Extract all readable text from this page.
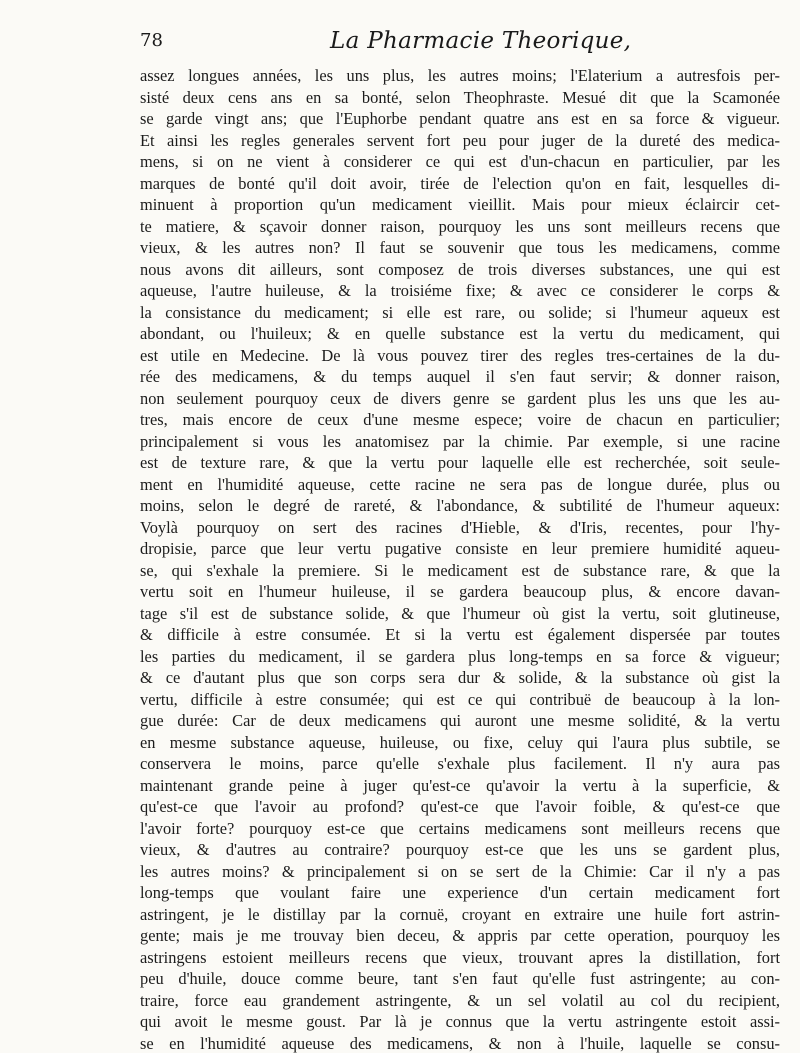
78	La Pharmacie Theorique,
assez longues années, les uns plus, les autres moins; l'Elaterium a autresfois per-
sisté deux cens ans en sa bonté, selon Theophraste. Mesué dit que la Scamonée
se garde vingt ans; que l'Euphorbe pendant quatre ans est en sa force & vigueur.
Et ainsi les regles generales servent fort peu pour juger de la dureté des medica-
mens, si on ne vient à considerer ce qui est d'un-chacun en particulier, par les
marques de bonté qu'il doit avoir, tirée de l'election qu'on en fait, lesquelles di-
minuent à proportion qu'un medicament vieillit. Mais pour mieux éclaircir cet-
te matiere, & sçavoir donner raison, pourquoy les uns sont meilleurs recens que
vieux, & les autres non? Il faut se souvenir que tous les medicamens, comme
nous avons dit ailleurs, sont composez de trois diverses substances, une qui est
aqueuse, l'autre huileuse, & la troisiéme fixe; & avec ce considerer le corps &
la consistance du medicament; si elle est rare, ou solide; si l'humeur aqueux est
abondant, ou l'huileux; & en quelle substance est la vertu du medicament, qui
est utile en Medecine. De là vous pouvez tirer des regles tres-certaines de la du-
rée des medicamens, & du temps auquel il s'en faut servir; & donner raison,
non seulement pourquoy ceux de divers genre se gardent plus les uns que les au-
tres, mais encore de ceux d'une mesme espece; voire de chacun en particulier;
principalement si vous les anatomisez par la chimie. Par exemple, si une racine
est de texture rare, & que la vertu pour laquelle elle est recherchée, soit seule-
ment en l'humidité aqueuse, cette racine ne sera pas de longue durée, plus ou
moins, selon le degré de rareté, & l'abondance, & subtilité de l'humeur aqueux:
Voylà pourquoy on sert des racines d'Hieble, & d'Iris, recentes, pour l'hy-
dropisie, parce que leur vertu pugative consiste en leur premiere humidité aqueu-
se, qui s'exhale la premiere. Si le medicament est de substance rare, & que la
vertu soit en l'humeur huileuse, il se gardera beaucoup plus, & encore davan-
tage s'il est de substance solide, & que l'humeur où gist la vertu, soit glutineuse,
& difficile à estre consumée. Et si la vertu est également dispersée par toutes
les parties du medicament, il se gardera plus long-temps en sa force & vigueur;
& ce d'autant plus que son corps sera dur & solide, & la substance où gist la
vertu, difficile à estre consumée; qui est ce qui contribuë de beaucoup à la lon-
gue durée: Car de deux medicamens qui auront une mesme solidité, & la vertu
en mesme substance aqueuse, huileuse, ou fixe, celuy qui l'aura plus subtile, se
conservera le moins, parce qu'elle s'exhale plus facilement. Il n'y aura pas
maintenant grande peine à juger qu'est-ce qu'avoir la vertu à la superficie, &
qu'est-ce que l'avoir au profond? qu'est-ce que l'avoir foible, & qu'est-ce que
l'avoir forte? pourquoy est-ce que certains medicamens sont meilleurs recens que
vieux, & d'autres au contraire? pourquoy est-ce que les uns se gardent plus,
les autres moins? & principalement si on se sert de la Chimie: Car il n'y a pas
long-temps que voulant faire une experience d'un certain medicament fort
astringent, je le distillay par la cornuë, croyant en extraire une huile fort astrin-
gente; mais je me trouvay bien deceu, & appris par cette operation, pourquoy les
astringens estoient meilleurs recens que vieux, trouvant apres la distillation, fort
peu d'huile, douce comme beure, tant s'en faut qu'elle fust astringente; au con-
traire, force eau grandement astringente, & un sel volatil au col du recipient,
qui avoit le mesme goust. Par là je connus que la vertu astringente estoit assi-
se en l'humidité aqueuse des medicamens, & non à l'huile, laquelle se consu-
